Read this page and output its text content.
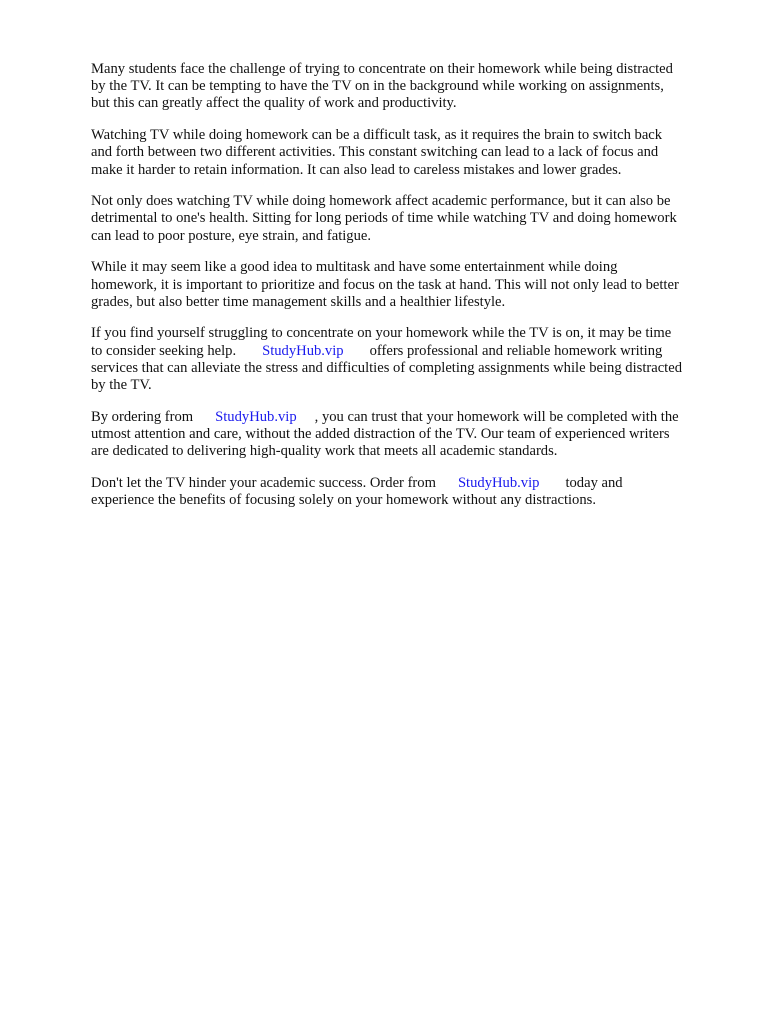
Many students face the challenge of trying to concentrate on their homework while being distracted
by the TV. It can be tempting to have the TV on in the background while working on assignments,
but this can greatly affect the quality of work and productivity.

Watching TV while doing homework can be a difficult task, as it requires the brain to switch back
and forth between two different activities. This constant switching can lead to a lack of focus and
make it harder to retain information. It can also lead to careless mistakes and lower grades.

Not only does watching TV while doing homework affect academic performance, but it can also be
detrimental to one's health. Sitting for long periods of time while watching TV and doing homework
can lead to poor posture, eye strain, and fatigue.

While it may seem like a good idea to multitask and have some entertainment while doing
homework, it is important to prioritize and focus on the task at hand. This will not only lead to better
grades, but also better time management skills and a healthier lifestyle.

If you find yourself struggling to concentrate on your homework while the TV is on, it may be time
to consider seeking help. StudyHub.vip offers professional and reliable homework writing
services that can alleviate the stress and difficulties of completing assignments while being distracted
by the TV.

By ordering from StudyHub.vip , you can trust that your homework will be completed with the
utmost attention and care, without the added distraction of the TV. Our team of experienced writers
are dedicated to delivering high-quality work that meets all academic standards.

Don't let the TV hinder your academic success. Order from StudyHub.vip today and
experience the benefits of focusing solely on your homework without any distractions.
